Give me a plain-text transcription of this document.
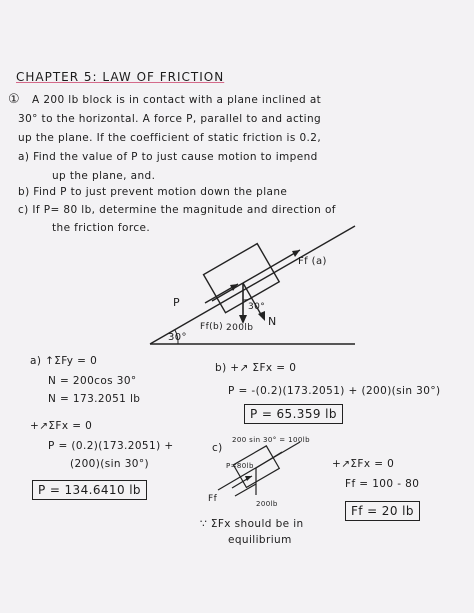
CHAPTER 5: LAW OF FRICTION
① A 200 lb block is in contact with a plane inclined at
30° to the horizontal. A force P, parallel to and acting
up the plane. If the coefficient of static friction is 0.2,
a) Find the value of P to just cause motion to impend
up the plane, and.
b) Find P to just prevent motion down the plane
c) If P= 80 lb, determine the magnitude and direction of
the friction force.
P
Ff (a)
N
200lb
Ff(b)
30°
30°
a) ↑ΣFy = 0
N = 200cos 30°
N = 173.2051 lb
+↗ΣFx = 0
P = (0.2)(173.2051) +
(200)(sin 30°)
P = 134.6410 lb
b) +↗ ΣFx = 0
P = -(0.2)(173.2051) + (200)(sin 30°)
P = 65.359 lb
c)
200 sin 30° = 100lb
P=80lb
Ff	200lb
+↗ΣFx = 0
Ff = 100 - 80
Ff = 20 lb
∵ ΣFx should be in
equilibrium
